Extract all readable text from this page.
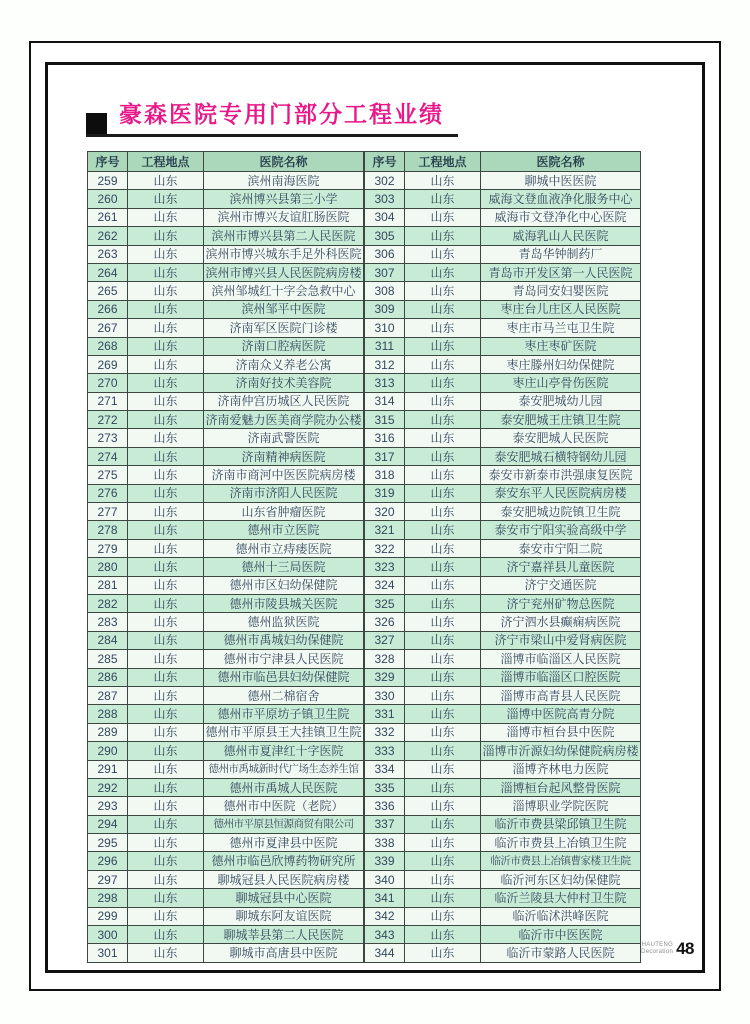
豪森医院专用门部分工程业绩
序号	工程地点	医院名称
259	山东	滨州南海医院
260	山东	滨州博兴县第三小学
261	山东	滨州市博兴友谊肛肠医院
262	山东	滨州市博兴县第二人民医院
263	山东	滨州市博兴城东手足外科医院
264	山东	滨州市博兴县人民医院病房楼
265	山东	滨州邹城红十字会急救中心
266	山东	滨州邹平中医院
267	山东	济南军区医院门诊楼
268	山东	济南口腔病医院
269	山东	济南众义养老公寓
270	山东	济南好技术美容院
271	山东	济南仲宫历城区人民医院
272	山东	济南爱魅力医美商学院办公楼
273	山东	济南武警医院
274	山东	济南精神病医院
275	山东	济南市商河中医医院病房楼
276	山东	济南市济阳人民医院
277	山东	山东省肿瘤医院
278	山东	德州市立医院
279	山东	德州市立痔瘘医院
280	山东	德州十三局医院
281	山东	德州市区妇幼保健院
282	山东	德州市陵县城关医院
283	山东	德州监狱医院
284	山东	德州市禹城妇幼保健院
285	山东	德州市宁津县人民医院
286	山东	德州市临邑县妇幼保健院
287	山东	德州二棉宿舍
288	山东	德州市平原坊子镇卫生院
289	山东	德州市平原县王大挂镇卫生院
290	山东	德州市夏津红十字医院
291	山东	德州市禹城新时代广场生态养生馆
292	山东	德州市禹城人民医院
293	山东	德州市中医院（老院）
294	山东	德州市平原县恒源商贸有限公司
295	山东	德州市夏津县中医院
296	山东	德州市临邑欣博药物研究所
297	山东	聊城冠县人民医院病房楼
298	山东	聊城冠县中心医院
299	山东	聊城东阿友谊医院
300	山东	聊城莘县第二人民医院
301	山东	聊城市高唐县中医院
序号	工程地点	医院名称
302	山东	聊城中医医院
303	山东	威海文登血液净化服务中心
304	山东	威海市文登净化中心医院
305	山东	威海乳山人民医院
306	山东	青岛华钟制药厂
307	山东	青岛市开发区第一人民医院
308	山东	青岛同安妇婴医院
309	山东	枣庄台儿庄区人民医院
310	山东	枣庄市马兰屯卫生院
311	山东	枣庄枣矿医院
312	山东	枣庄滕州妇幼保健院
313	山东	枣庄山亭骨伤医院
314	山东	泰安肥城幼儿园
315	山东	泰安肥城王庄镇卫生院
316	山东	泰安肥城人民医院
317	山东	泰安肥城石横特钢幼儿园
318	山东	泰安市新泰市洪强康复医院
319	山东	泰安东平人民医院病房楼
320	山东	泰安肥城边院镇卫生院
321	山东	泰安市宁阳实验高级中学
322	山东	泰安市宁阳二院
323	山东	济宁嘉祥县儿童医院
324	山东	济宁交通医院
325	山东	济宁兖州矿物总医院
326	山东	济宁泗水县癫痫病医院
327	山东	济宁市梁山中爱肾病医院
328	山东	淄博市临淄区人民医院
329	山东	淄博市临淄区口腔医院
330	山东	淄博市高青县人民医院
331	山东	淄博中医院高青分院
332	山东	淄博市桓台县中医院
333	山东	淄博市沂源妇幼保健院病房楼
334	山东	淄博齐林电力医院
335	山东	淄博桓台起风整骨医院
336	山东	淄博职业学院医院
337	山东	临沂市费县梁邱镇卫生院
338	山东	临沂市费县上冶镇卫生院
339	山东	临沂市费县上冶镇曹家楼卫生院
340	山东	临沂河东区妇幼保健院
341	山东	临沂兰陵县大仲村卫生院
342	山东	临沂临沭洪峰医院
343	山东	临沂市中医医院
344	山东	临沂市蒙路人民医院
HAUTENG
Decoration 48
